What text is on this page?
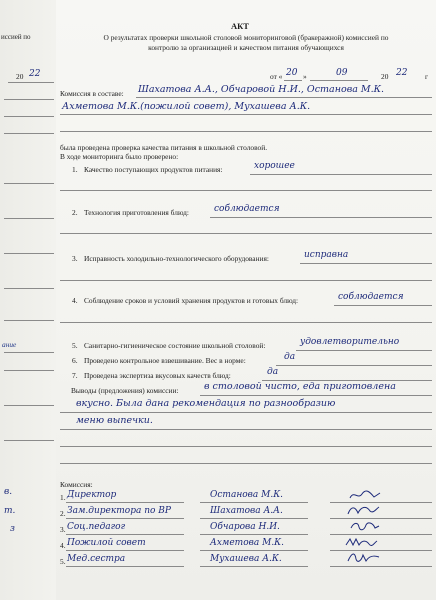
иссией по
20 22
ание
в.
т.
з
АКТ
О результатах проверки школьной столовой мониторинговой (бракеражной) комиссией по
контролю за организацией и качеством питания обучающихся
от « 20 »	09	20 22 г
Комиссия в составе: Шахатова А.А., Обчаровой Н.И., Останова М.К.
Ахметова М.К.(пожилой совет), Мухашева А.К.
была проведена проверка качества питания в школьной столовой.
В ходе мониторинга было проверено:
1. Качество поступающих продуктов питания:	хорошее
2. Технология приготовления блюд:	соблюдается
3. Исправность холодильно-технологического оборудования:	исправна
4. Соблюдение сроков и условий хранения продуктов и готовых блюд:	соблюдается
5. Санитарно-гигиеническое состояние школьной столовой:	удовлетворительно
6. Проведено контрольное взвешивание. Вес в норме:	да
7. Проведена экспертиза вкусовых качеств блюд:	да
Выводы (предложения) комиссии:	в столовой чисто, еда приготовлена
вкусно. Была дана рекомендация по разнообразию
меню выпечки.
Комиссия:
1. Директор	Останова М.К.
2. Зам.директора по ВР	Шахатова А.А.
3. Соц.педагог	Обчарова Н.И.
4. Пожилой совет	Ахметова М.К.
5. Мед.сестра	Мухашева А.К.
